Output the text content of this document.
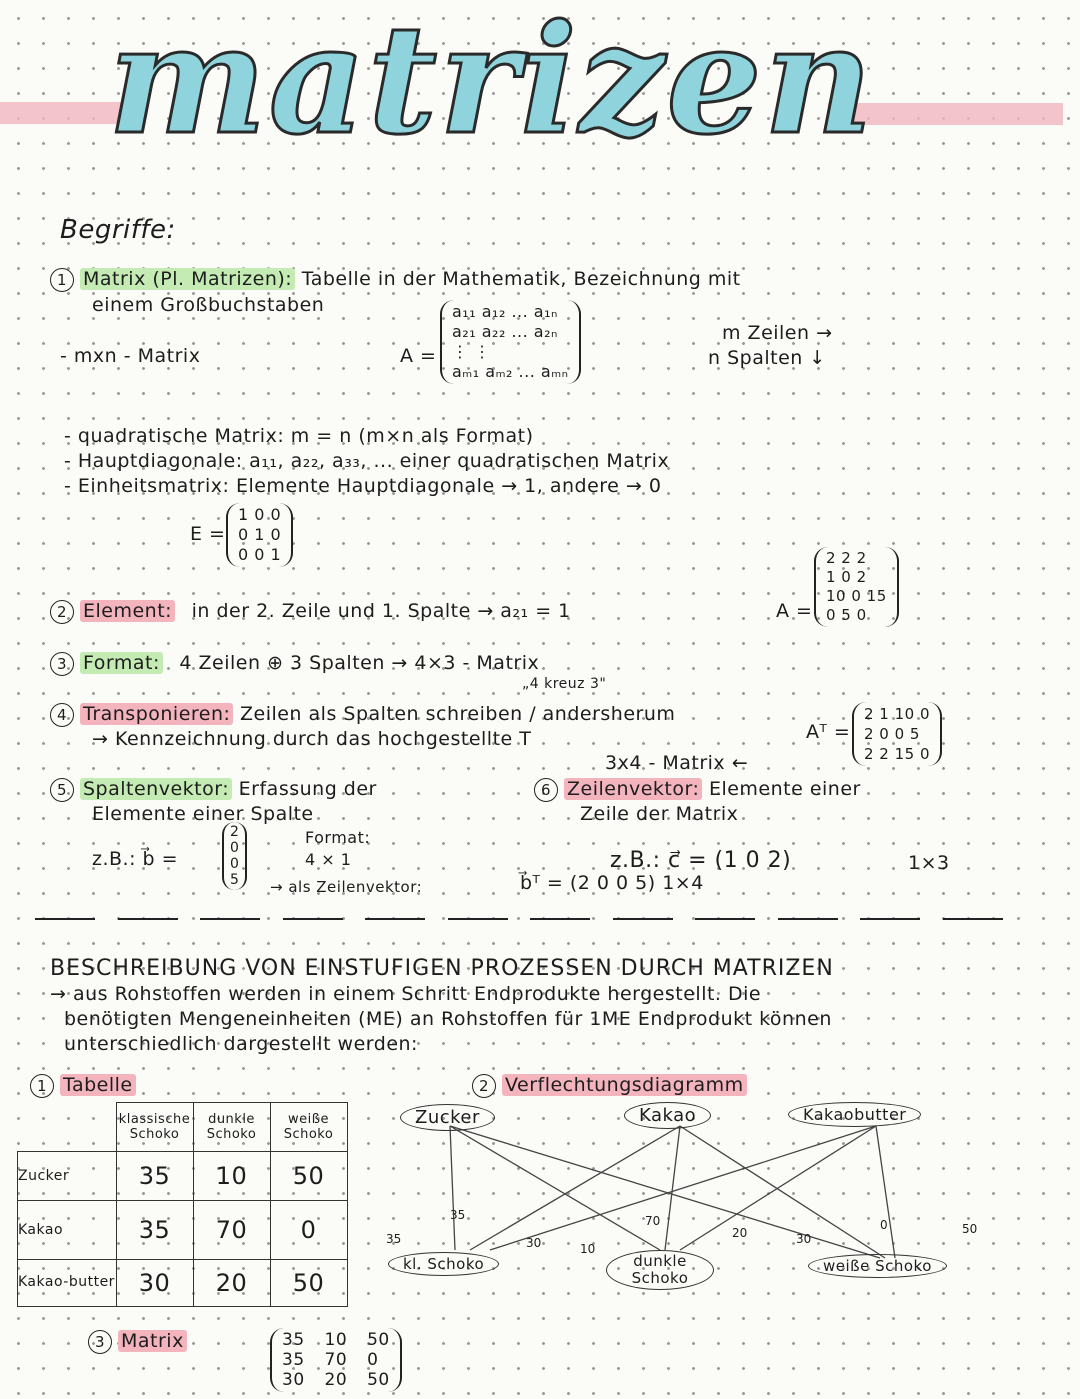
matrizen
Begriffe:
1 Matrix (Pl. Matrizen): Tabelle in der Mathematik, Bezeichnung mit
einem Großbuchstaben
- mxn - Matrix	A =
a₁₁ a₁₂ ... a₁ₙ
a₂₁ a₂₂ ... a₂ₙ
⋮ ⋮
aₘ₁ aₘ₂ ... aₘₙ
m Zeilen →
n Spalten ↓
- quadratische Matrix: m = n (m×n als Format)
- Hauptdiagonale: a₁₁, a₂₂, a₃₃, ... einer quadratischen Matrix
- Einheitsmatrix: Elemente Hauptdiagonale → 1, andere → 0
E =
1 0 0
0 1 0
0 0 1
2 Element: in der 2. Zeile und 1. Spalte → a₂₁ = 1	A =
2 2 2
1 0 2
10 0 15
0 5 0
3 Format: 4 Zeilen ⊕ 3 Spalten → 4×3 - Matrix
„4 kreuz 3"
4 Transponieren: Zeilen als Spalten schreiben / andersherum
→ Kennzeichnung durch das hochgestellte T
3x4 - Matrix ←
Aᵀ =
2 1 10 0
2 0 0 5
2 2 15 0
5 Spaltenvektor: Erfassung der
Elemente einer Spalte
z.B.: b⃗ =
2
0
0
5
Format:
4 × 1
→ als Zeilenvektor:	b⃗ᵀ = (2 0 0 5) 1×4
6 Zeilenvektor: Elemente einer
Zeile der Matrix
z.B.: c⃗ = (1 0 2)	1×3
BESCHREIBUNG VON EINSTUFIGEN PROZESSEN DURCH MATRIZEN
→ aus Rohstoffen werden in einem Schritt Endprodukte hergestellt. Die
benötigten Mengeneinheiten (ME) an Rohstoffen für 1ME Endprodukt können
unterschiedlich dargestellt werden:
1 Tabelle
	klassische Schoko	dunkle Schoko	weiße Schoko
Zucker	35	10	50
Kakao	35	70	0
Kakao-butter	30	20	50
2 Verflechtungsdiagramm
Zucker	Kakao	Kakaobutter
kl. Schoko	dunkle Schoko
weiße Schoko
35
35
30	10
70
20	30
0	50
3 Matrix	35 10 50
35 70 0
30 20 50
